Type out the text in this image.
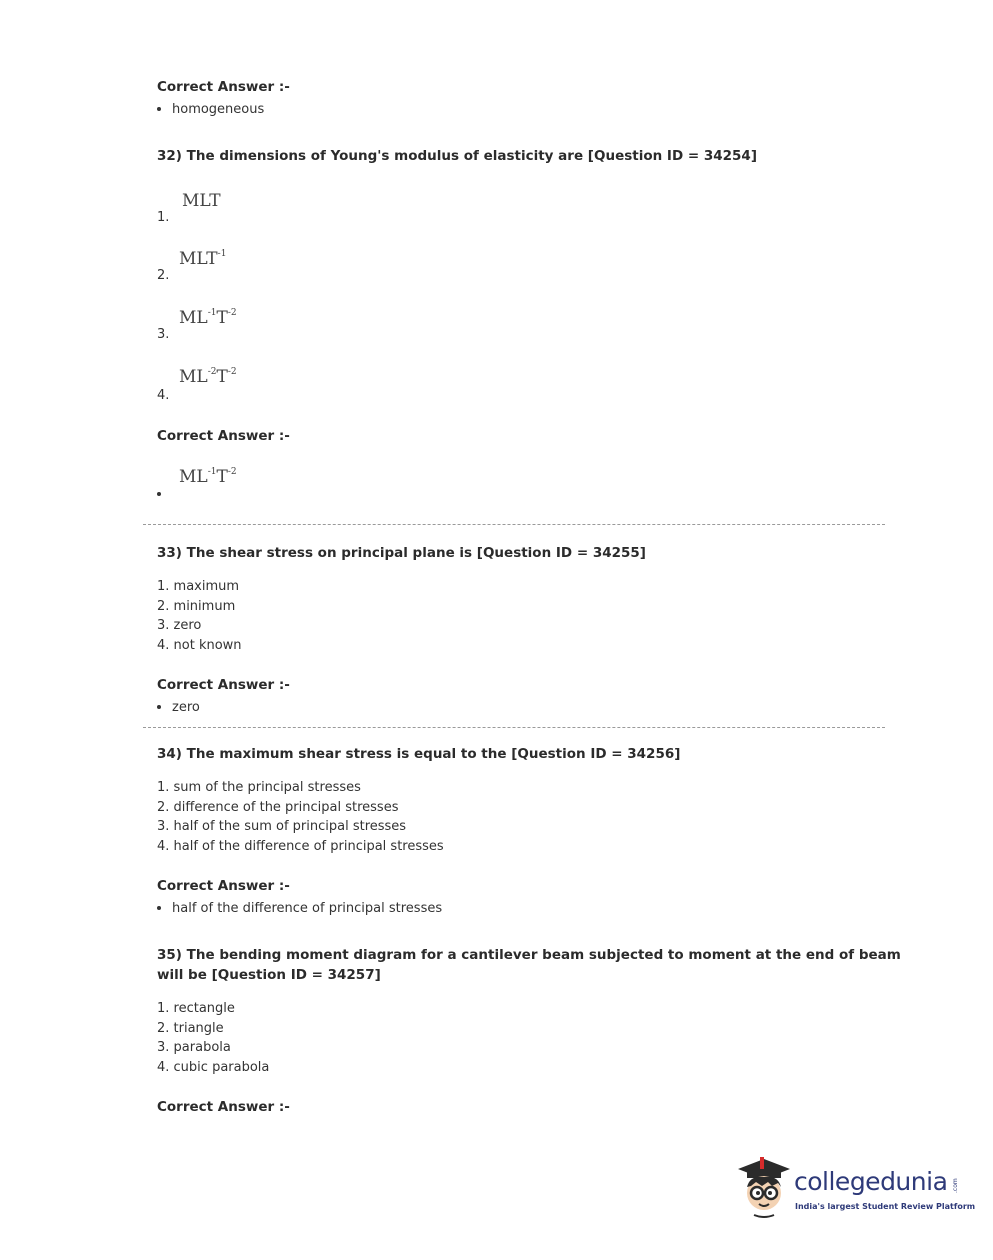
Correct Answer :-
homogeneous
32) The dimensions of Young's modulus of elasticity are [Question ID = 34254]
MLT
1.
$MLT^{-1}$
2.
$ML^{-1}T^{-2}$
3.
$ML^{-2}T^{-2}$
4.
Correct Answer :-
$ML^{-1}T^{-2}$
33) The shear stress on principal plane is [Question ID = 34255]
1. maximum
2. minimum
3. zero
4. not known
Correct Answer :-
zero
34) The maximum shear stress is equal to the [Question ID = 34256]
1. sum of the principal stresses
2. difference of the principal stresses
3. half of the sum of principal stresses
4. half of the difference of principal stresses
Correct Answer :-
half of the difference of principal stresses
35) The bending moment diagram for a cantilever beam subjected to moment at the end of beam
will be [Question ID = 34257]
1. rectangle
2. triangle
3. parabola
4. cubic parabola
Correct Answer :-
collegedunia .com
India's largest Student Review Platform
